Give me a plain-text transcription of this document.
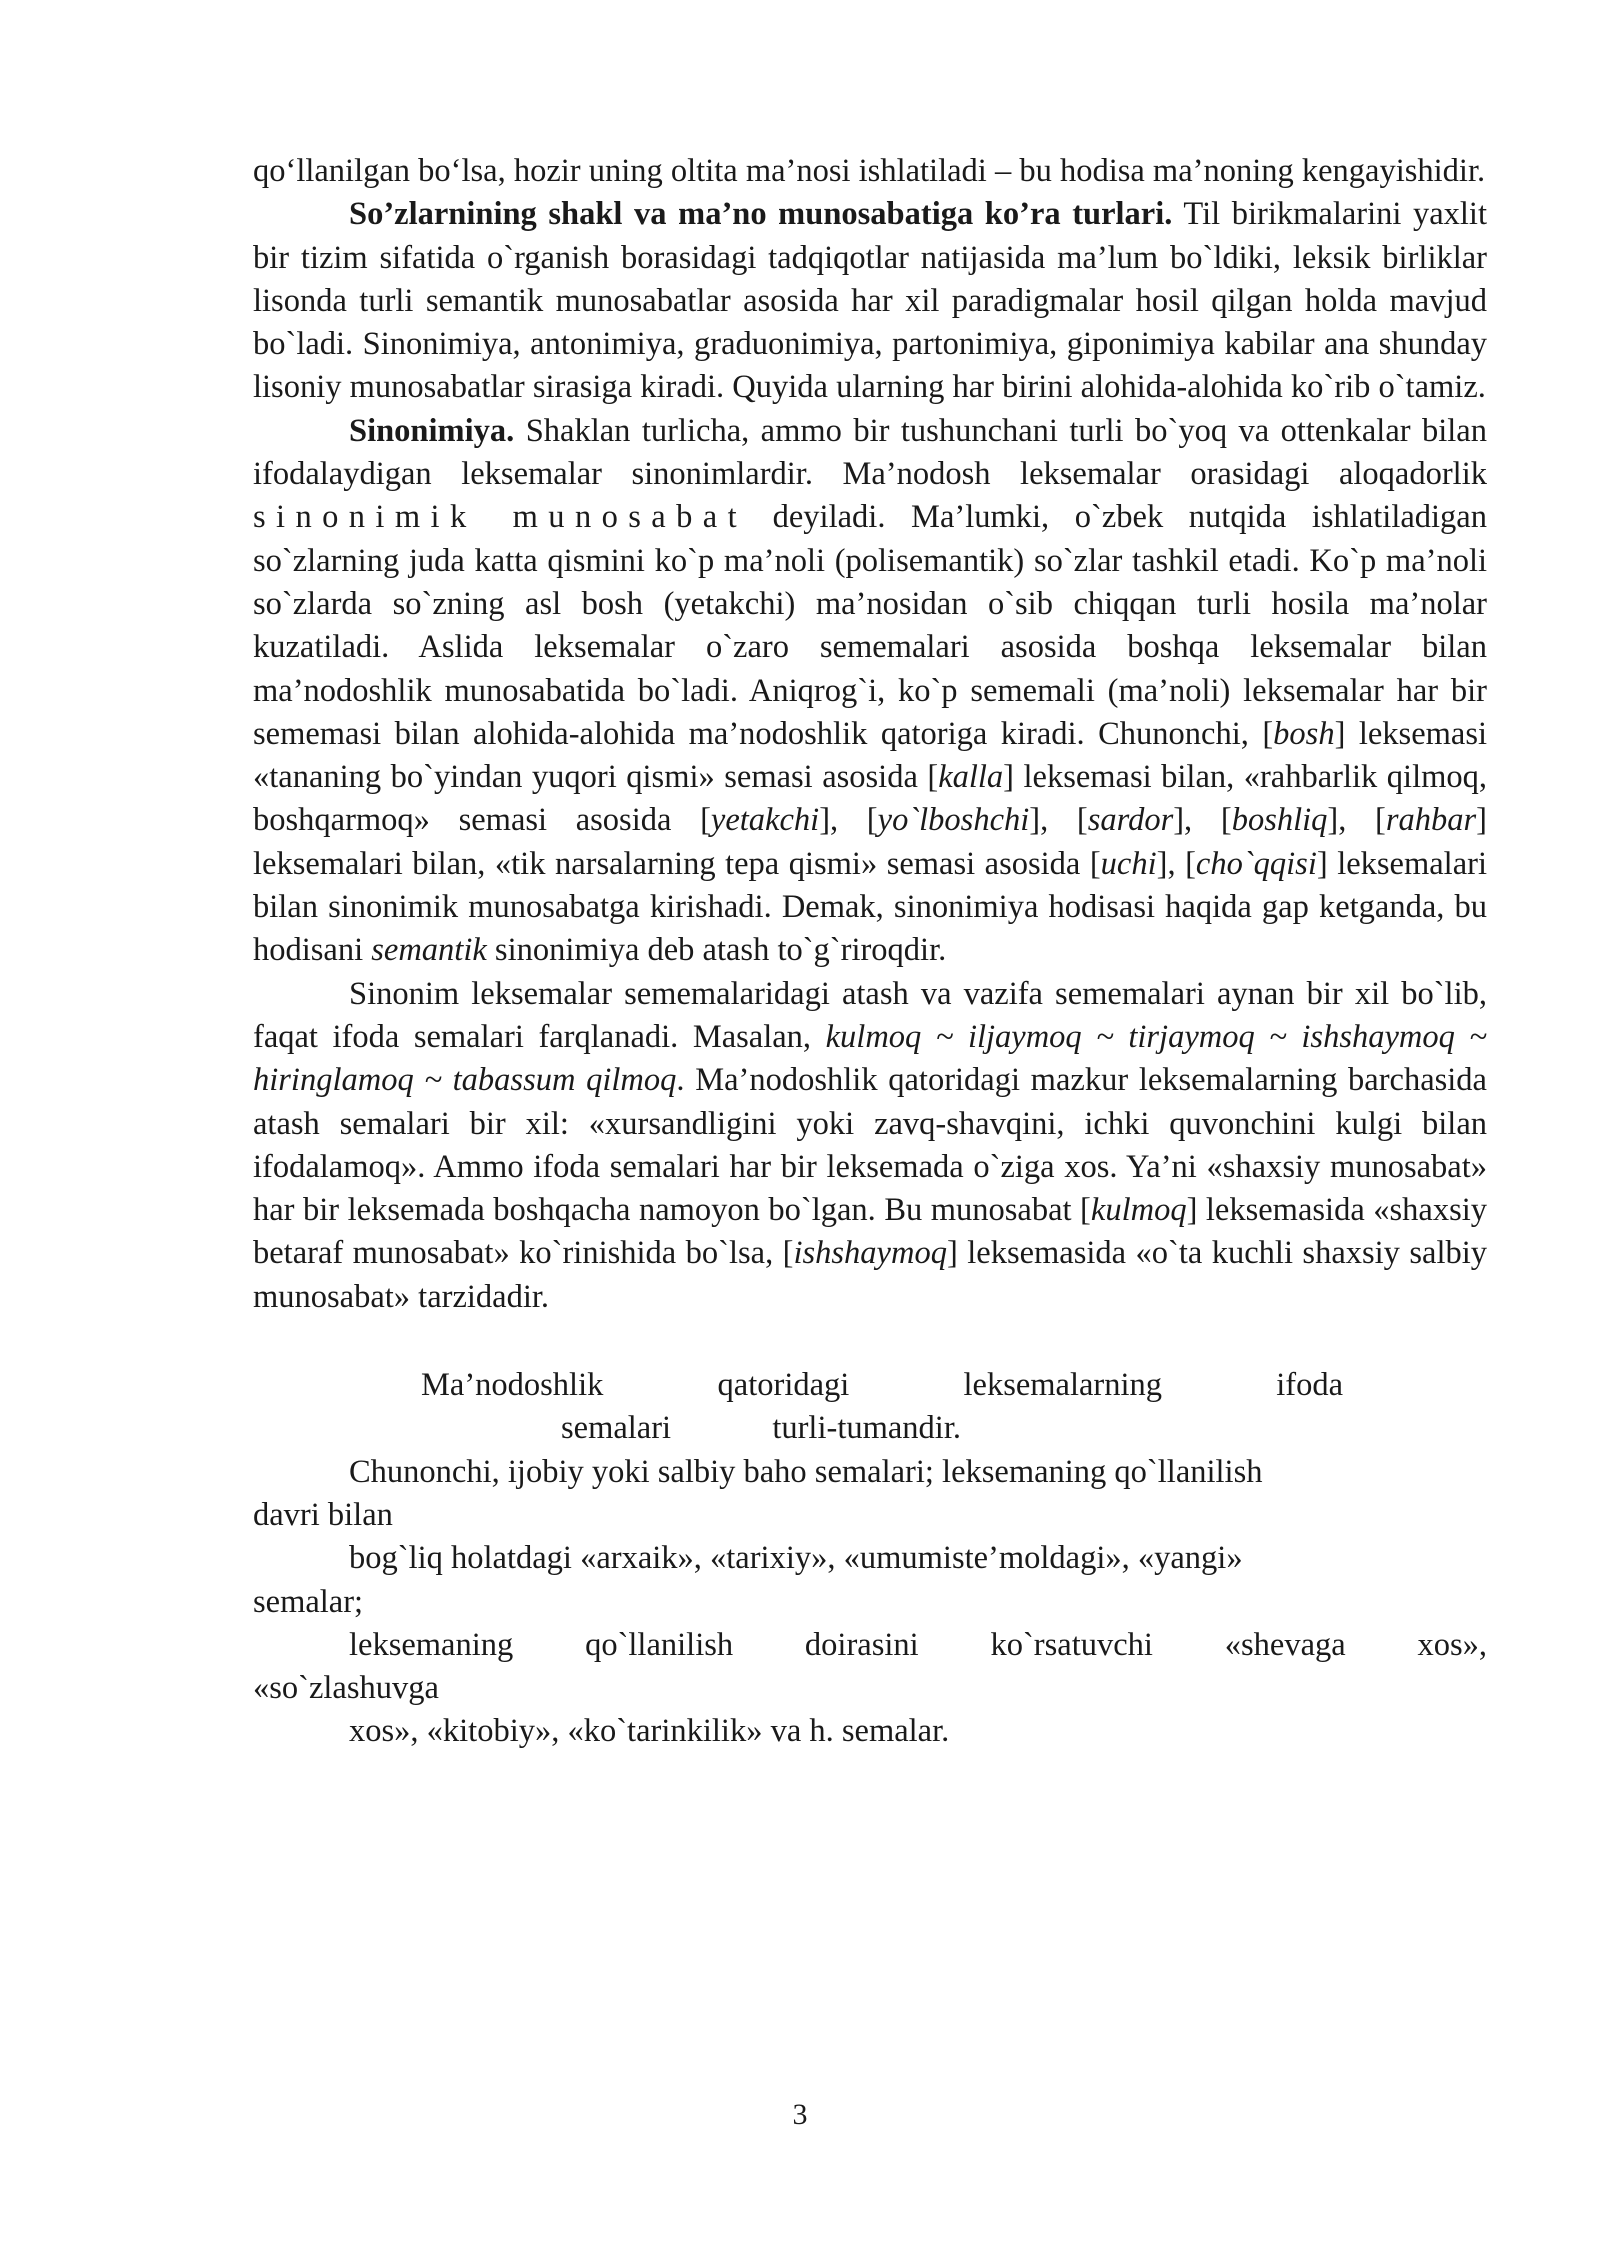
qo‘llanilgan bo‘lsa, hozir uning oltita ma’nosi ishlatiladi – bu hodisa ma’noning kengayishidir.

So’zlarnining shakl va ma’no munosabatiga ko’ra turlari. Til birikmalarini yaxlit bir tizim sifatida o`rganish borasidagi tadqiqotlar natijasida ma’lum bo`ldiki, leksik birliklar lisonda turli semantik munosabatlar asosida har xil paradigmalar hosil qilgan holda mavjud bo`ladi. Sinonimiya, antonimiya, graduonimiya, partonimiya, giponimiya kabilar ana shunday lisoniy munosabatlar sirasiga kiradi. Quyida ularning har birini alohida-alohida ko`rib o`tamiz.

Sinonimiya. Shaklan turlicha, ammo bir tushunchani turli bo`yoq va ottenkalar bilan ifodalaydigan leksemalar sinonimlardir. Ma’nodosh leksemalar orasidagi aloqadorlik sinonimik munosabat deyiladi. Ma’lumki, o`zbek nutqida ishlatiladigan so`zlarning juda katta qismini ko`p ma’noli (polisemantik) so`zlar tashkil etadi. Ko`p ma’noli so`zlarda so`zning asl bosh (yetakchi) ma’nosidan o`sib chiqqan turli hosila ma’nolar kuzatiladi. Aslida leksemalar o`zaro sememalari asosida boshqa leksemalar bilan ma’nodoshlik munosabatida bo`ladi. Aniqrog`i, ko`p sememali (ma’noli) leksemalar har bir sememasi bilan alohida-alohida ma’nodoshlik qatoriga kiradi. Chunonchi, [bosh] leksemasi «tananing bo`yindan yuqori qismi» semasi asosida [kalla] leksemasi bilan, «rahbarlik qilmoq, boshqarmoq» semasi asosida [yetakchi], [yo`lboshchi], [sardor], [boshliq], [rahbar] leksemalari bilan, «tik narsalarning tepa qismi» semasi asosida [uchi], [cho`qqisi] leksemalari bilan sinonimik munosabatga kirishadi. Demak, sinonimiya hodisasi haqida gap ketganda, bu hodisani semantik sinonimiya deb atash to`g`riroqdir.

Sinonim leksemalar sememalaridagi atash va vazifa sememalari aynan bir xil bo`lib, faqat ifoda semalari farqlanadi. Masalan, kulmoq ~ iljaymoq ~ tirjaymoq ~ ishshaymoq ~ hiringlamoq ~ tabassum qilmoq. Ma’nodoshlik qatoridagi mazkur leksemalarning barchasida atash semalari bir xil: «xursandligini yoki zavq-shavqini, ichki quvonchini kulgi bilan ifodalamoq». Ammo ifoda semalari har bir leksemada o`ziga xos. Ya’ni «shaxsiy munosabat» har bir leksemada boshqacha namoyon bo`lgan. Bu munosabat [kulmoq] leksemasida «shaxsiy betaraf munosabat» ko`rinishida bo`lsa, [ishshaymoq] leksemasida «o`ta kuchli shaxsiy salbiy munosabat» tarzidadir.

Ma’nodoshlik qatoridagi leksemalarning ifoda

semalari turli-tumandir.

Chunonchi, ijobiy yoki salbiy baho semalari; leksemaning qo`llanilish

davri bilan

bog`liq holatdagi «arxaik», «tarixiy», «umumiste’moldagi», «yangi»

semalar;

leksemaning qo`llanilish doirasini ko`rsatuvchi «shevaga xos»,

«so`zlashuvga

xos», «kitobiy», «ko`tarinkilik» va h. semalar.

3
